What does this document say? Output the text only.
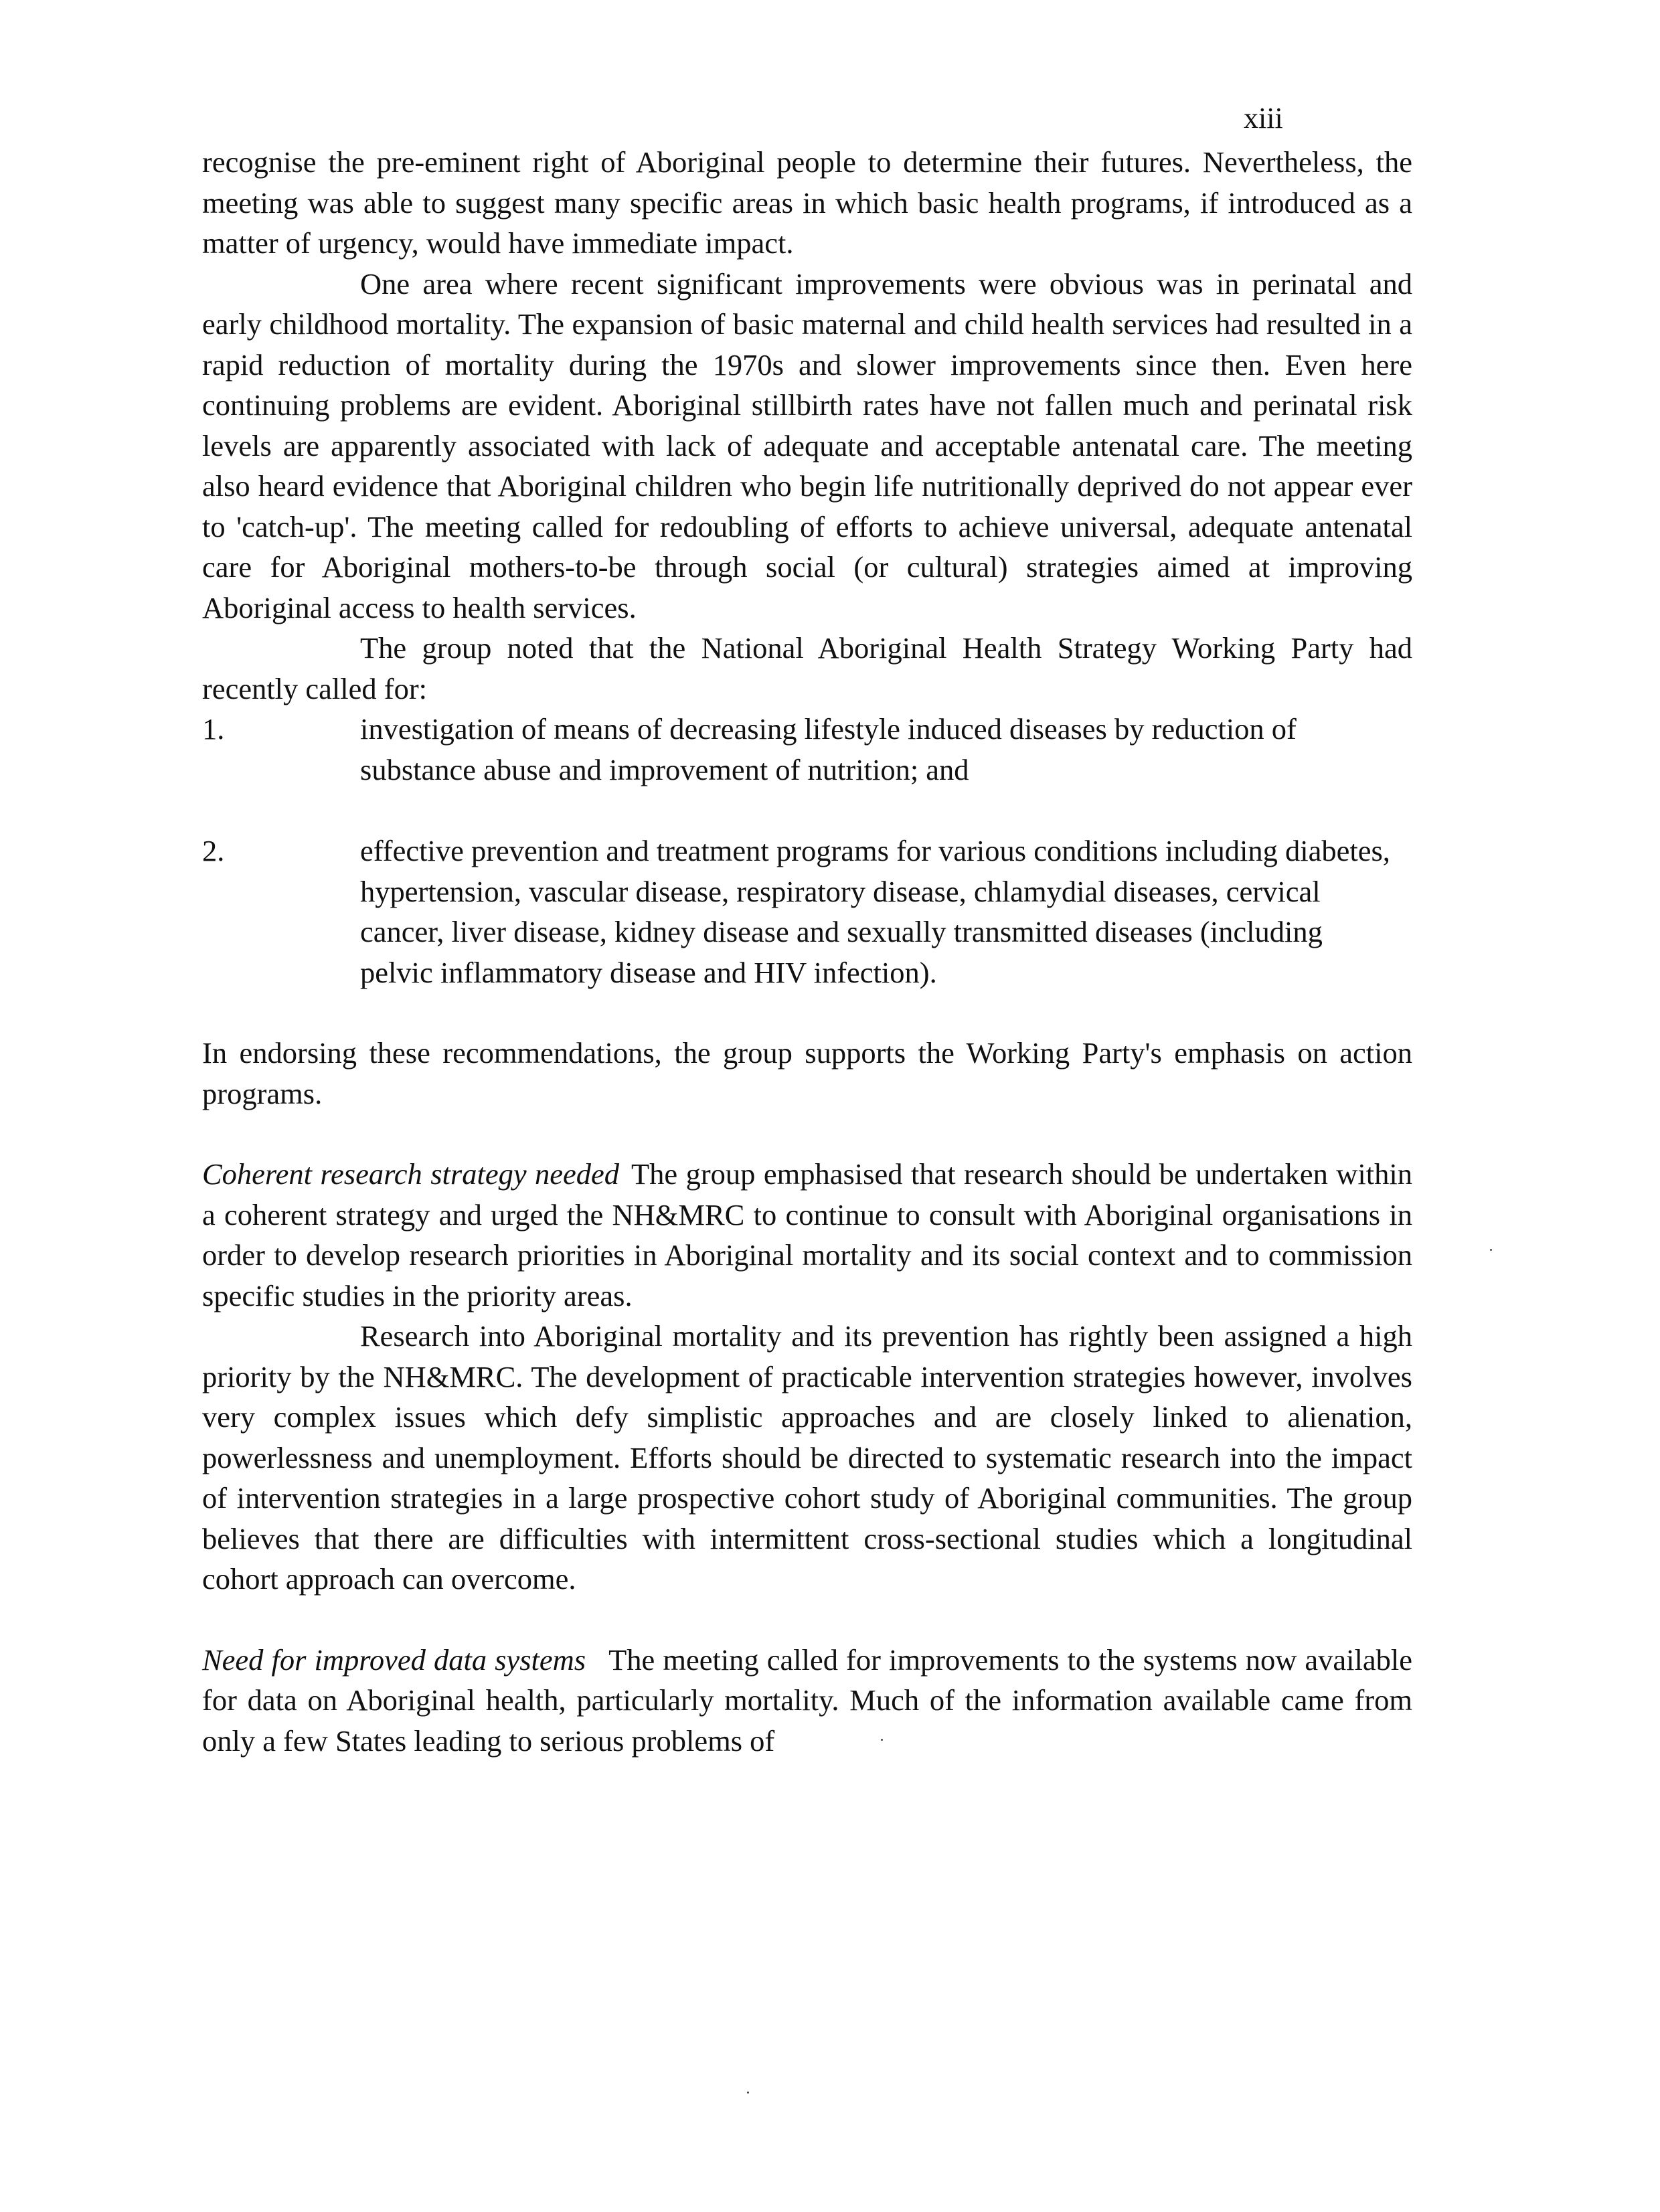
xiii

recognise the pre-eminent right of Aboriginal people to determine their futures. Nevertheless, the meeting was able to suggest many specific areas in which basic health programs, if introduced as a matter of urgency, would have immediate impact.

One area where recent significant improvements were obvious was in perinatal and early childhood mortality. The expansion of basic maternal and child health services had resulted in a rapid reduction of mortality during the 1970s and slower improvements since then. Even here continuing problems are evident. Aboriginal stillbirth rates have not fallen much and perinatal risk levels are apparently associated with lack of adequate and acceptable antenatal care. The meeting also heard evidence that Aboriginal children who begin life nutritionally deprived do not appear ever to 'catch-up'. The meeting called for redoubling of efforts to achieve universal, adequate antenatal care for Aboriginal mothers-to-be through social (or cultural) strategies aimed at improving Aboriginal access to health services.

The group noted that the National Aboriginal Health Strategy Working Party had recently called for:

1.	investigation of means of decreasing lifestyle induced diseases by reduction of substance abuse and improvement of nutrition; and
2.	effective prevention and treatment programs for various conditions including diabetes, hypertension, vascular disease, respiratory disease, chlamydial diseases, cervical cancer, liver disease, kidney disease and sexually transmitted diseases (including pelvic inflammatory disease and HIV infection).

In endorsing these recommendations, the group supports the Working Party's emphasis on action programs.

Coherent research strategy needed The group emphasised that research should be undertaken within a coherent strategy and urged the NH&MRC to continue to consult with Aboriginal organisations in order to develop research priorities in Aboriginal mortality and its social context and to commission specific studies in the priority areas.

Research into Aboriginal mortality and its prevention has rightly been assigned a high priority by the NH&MRC. The development of practicable intervention strategies however, involves very complex issues which defy simplistic approaches and are closely linked to alienation, powerlessness and unemployment. Efforts should be directed to systematic research into the impact of intervention strategies in a large prospective cohort study of Aboriginal communities. The group believes that there are difficulties with intermittent cross-sectional studies which a longitudinal cohort approach can overcome.

Need for improved data systems The meeting called for improvements to the systems now available for data on Aboriginal health, particularly mortality. Much of the information available came from only a few States leading to serious problems of
